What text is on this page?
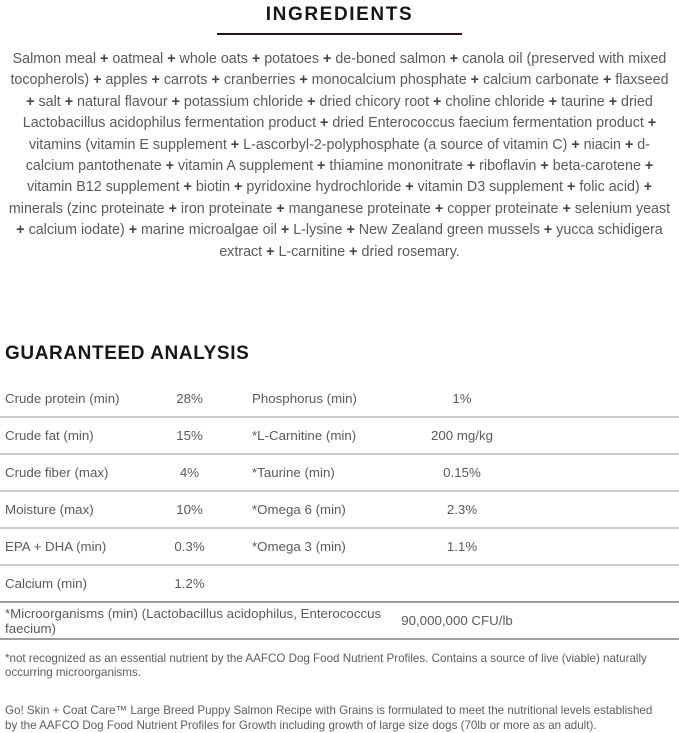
INGREDIENTS

Salmon meal + oatmeal + whole oats + potatoes + de-boned salmon + canola oil (preserved with mixed tocopherols) + apples + carrots + cranberries + monocalcium phosphate + calcium carbonate + flaxseed + salt + natural flavour + potassium chloride + dried chicory root + choline chloride + taurine + dried Lactobacillus acidophilus fermentation product + dried Enterococcus faecium fermentation product + vitamins (vitamin E supplement + L-ascorbyl-2-polyphosphate (a source of vitamin C) + niacin + d-calcium pantothenate + vitamin A supplement + thiamine mononitrate + riboflavin + beta-carotene + vitamin B12 supplement + biotin + pyridoxine hydrochloride + vitamin D3 supplement + folic acid) + minerals (zinc proteinate + iron proteinate + manganese proteinate + copper proteinate + selenium yeast + calcium iodate) + marine microalgae oil + L-lysine + New Zealand green mussels + yucca schidigera extract + L-carnitine + dried rosemary.

GUARANTEED ANALYSIS
Crude protein (min)	28%	Phosphorus (min)	1%
Crude fat (min)	15%	*L-Carnitine (min)	200 mg/kg
Crude fiber (max)	4%	*Taurine (min)	0.15%
Moisture (max)	10%	*Omega 6 (min)	2.3%
EPA + DHA (min)	0.3%	*Omega 3 (min)	1.1%
Calcium (min)	1.2%
*Microorganisms (min) (Lactobacillus acidophilus, Enterococcus faecium)	90,000,000 CFU/lb

*not recognized as an essential nutrient by the AAFCO Dog Food Nutrient Profiles. Contains a source of live (viable) naturally occurring microorganisms.

Go! Skin + Coat Care™ Large Breed Puppy Salmon Recipe with Grains is formulated to meet the nutritional levels established by the AAFCO Dog Food Nutrient Profiles for Growth including growth of large size dogs (70lb or more as an adult).
